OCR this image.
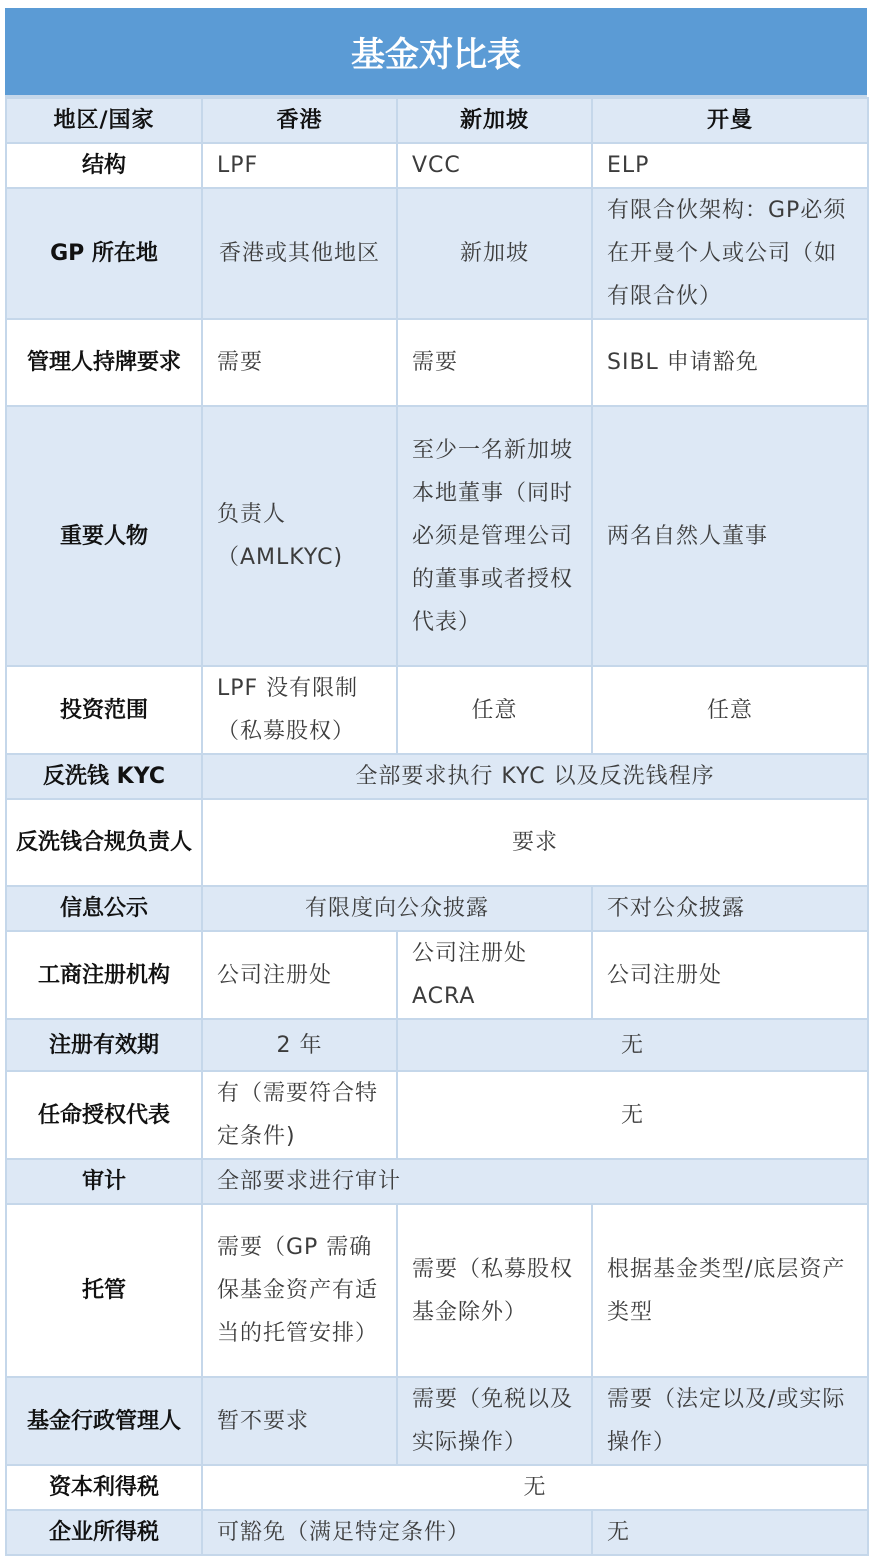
基金对比表
地区/国家	香港	新加坡	开曼
结构	LPF	VCC	ELP
GP 所在地	香港或其他地区	新加坡	有限合伙架构：GP必须在开曼个人或公司（如有限合伙）
管理人持牌要求	需要	需要	SIBL 申请豁免
重要人物	负责人（AMLKYC)	至少一名新加坡本地董事（同时必须是管理公司的董事或者授权代表）	两名自然人董事
投资范围	LPF 没有限制（私募股权）	任意	任意
反洗钱 KYC	全部要求执行 KYC 以及反洗钱程序		
反洗钱合规负责人	要求		
信息公示	有限度向公众披露		不对公众披露
工商注册机构	公司注册处	公司注册处 ACRA	公司注册处
注册有效期	2 年	无	
任命授权代表	有（需要符合特定条件)	无	
审计	全部要求进行审计		
托管	需要（GP 需确保基金资产有适当的托管安排）	需要（私募股权基金除外）	根据基金类型/底层资产类型
基金行政管理人	暂不要求	需要（免税以及实际操作）	需要（法定以及/或实际操作）
资本利得税	无		
企业所得税	可豁免（满足特定条件）		无
